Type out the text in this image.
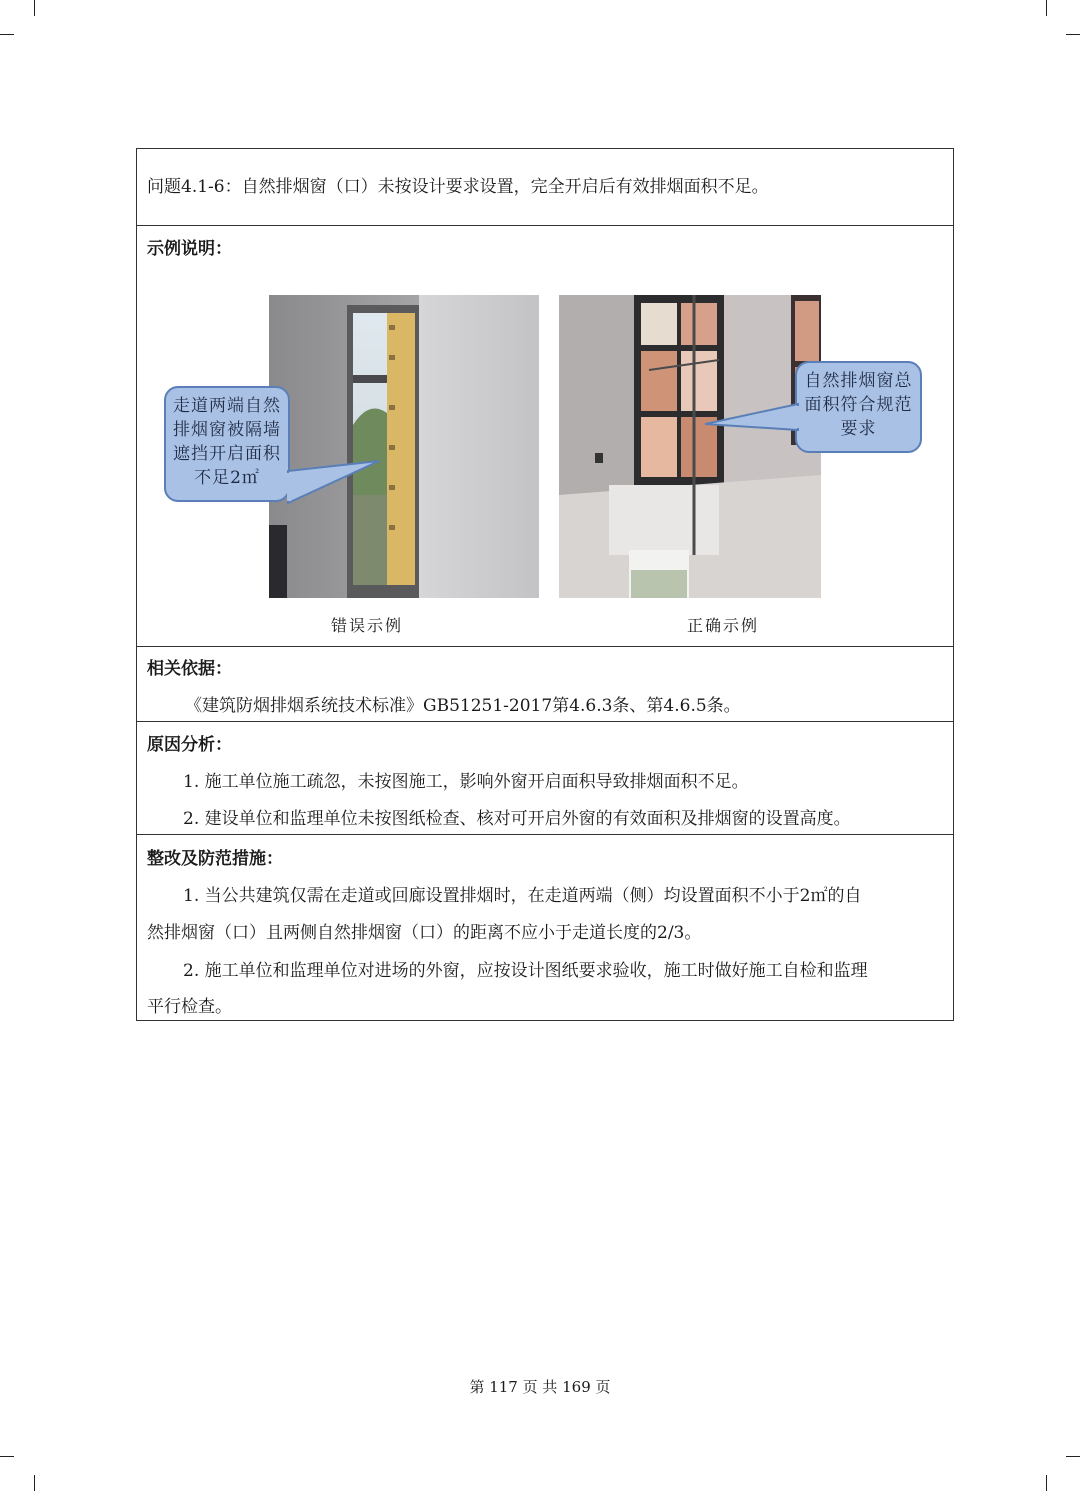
问题4.1-6：自然排烟窗（口）未按设计要求设置，完全开启后有效排烟面积不足。
示例说明：
走道两端自然
排烟窗被隔墙
遮挡开启面积
不足2㎡
自然排烟窗总
面积符合规范
要求
错误示例	正确示例
相关依据：
《建筑防烟排烟系统技术标准》GB51251-2017第4.6.3条、第4.6.5条。
原因分析：
1. 施工单位施工疏忽，未按图施工，影响外窗开启面积导致排烟面积不足。
2. 建设单位和监理单位未按图纸检查、核对可开启外窗的有效面积及排烟窗的设置高度。
整改及防范措施：
1. 当公共建筑仅需在走道或回廊设置排烟时，在走道两端（侧）均设置面积不小于2㎡的自
然排烟窗（口）且两侧自然排烟窗（口）的距离不应小于走道长度的2/3。
2. 施工单位和监理单位对进场的外窗，应按设计图纸要求验收，施工时做好施工自检和监理
平行检查。
第 117 页 共 169 页
